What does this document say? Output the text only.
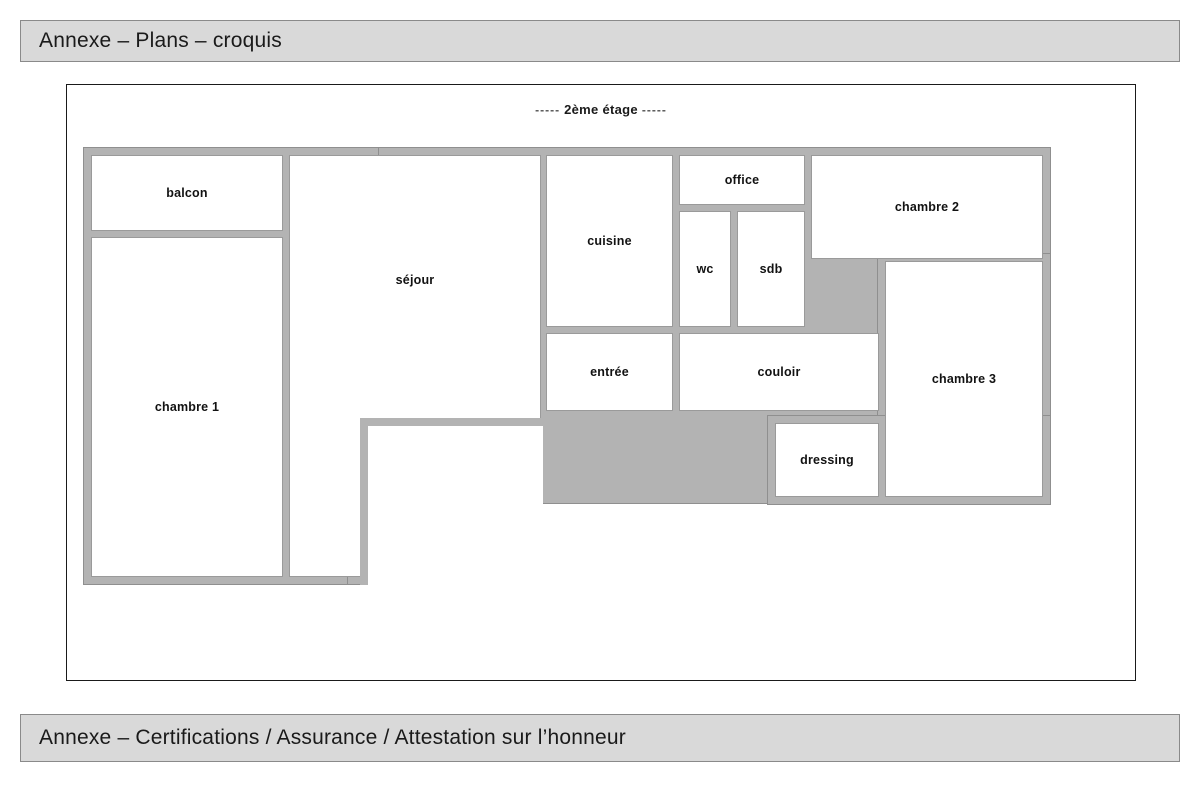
Annexe – Plans – croquis
----- 2ème étage -----
balcon
chambre 1
séjour
cuisine
office
wc	sdb
chambre 2
entrée	couloir	chambre 3
dressing
Annexe – Certifications / Assurance / Attestation sur l’honneur
